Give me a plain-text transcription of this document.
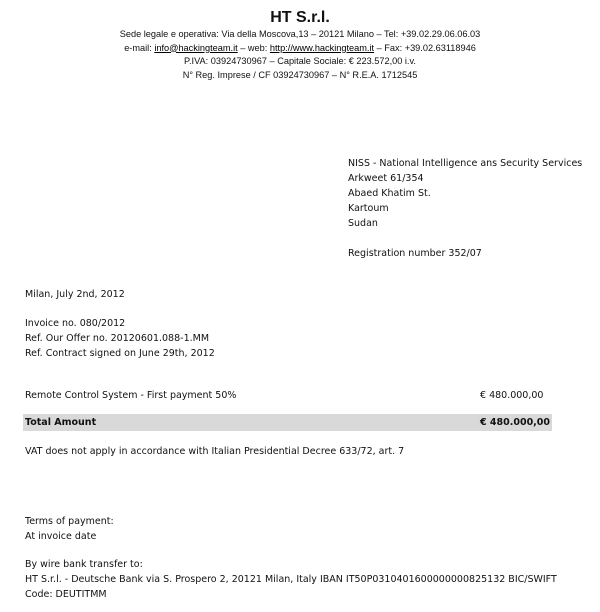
HT S.r.l.
Sede legale e operativa: Via della Moscova,13 – 20121 Milano – Tel: +39.02.29.06.06.03
e-mail: info@hackingteam.it – web: http://www.hackingteam.it – Fax: +39.02.63118946
P.IVA: 03924730967 – Capitale Sociale: € 223.572,00 i.v.
N° Reg. Imprese / CF 03924730967 – N° R.E.A. 1712545
NISS - National Intelligence ans Security Services
Arkweet 61/354
Abaed Khatim St.
Kartoum
Sudan
Registration number 352/07
Milan, July 2nd, 2012
Invoice no. 080/2012
Ref. Our Offer no. 20120601.088-1.MM
Ref. Contract signed on June 29th, 2012
Remote Control System - First payment 50%	€ 480.000,00
Total Amount	€ 480.000,00
VAT does not apply in accordance with Italian Presidential Decree 633/72, art. 7
Terms of payment:
At invoice date
By wire bank transfer to:
HT S.r.l. - Deutsche Bank via S. Prospero 2, 20121 Milan, Italy IBAN IT50P0310401600000000825132 BIC/SWIFT
Code: DEUTITMM
